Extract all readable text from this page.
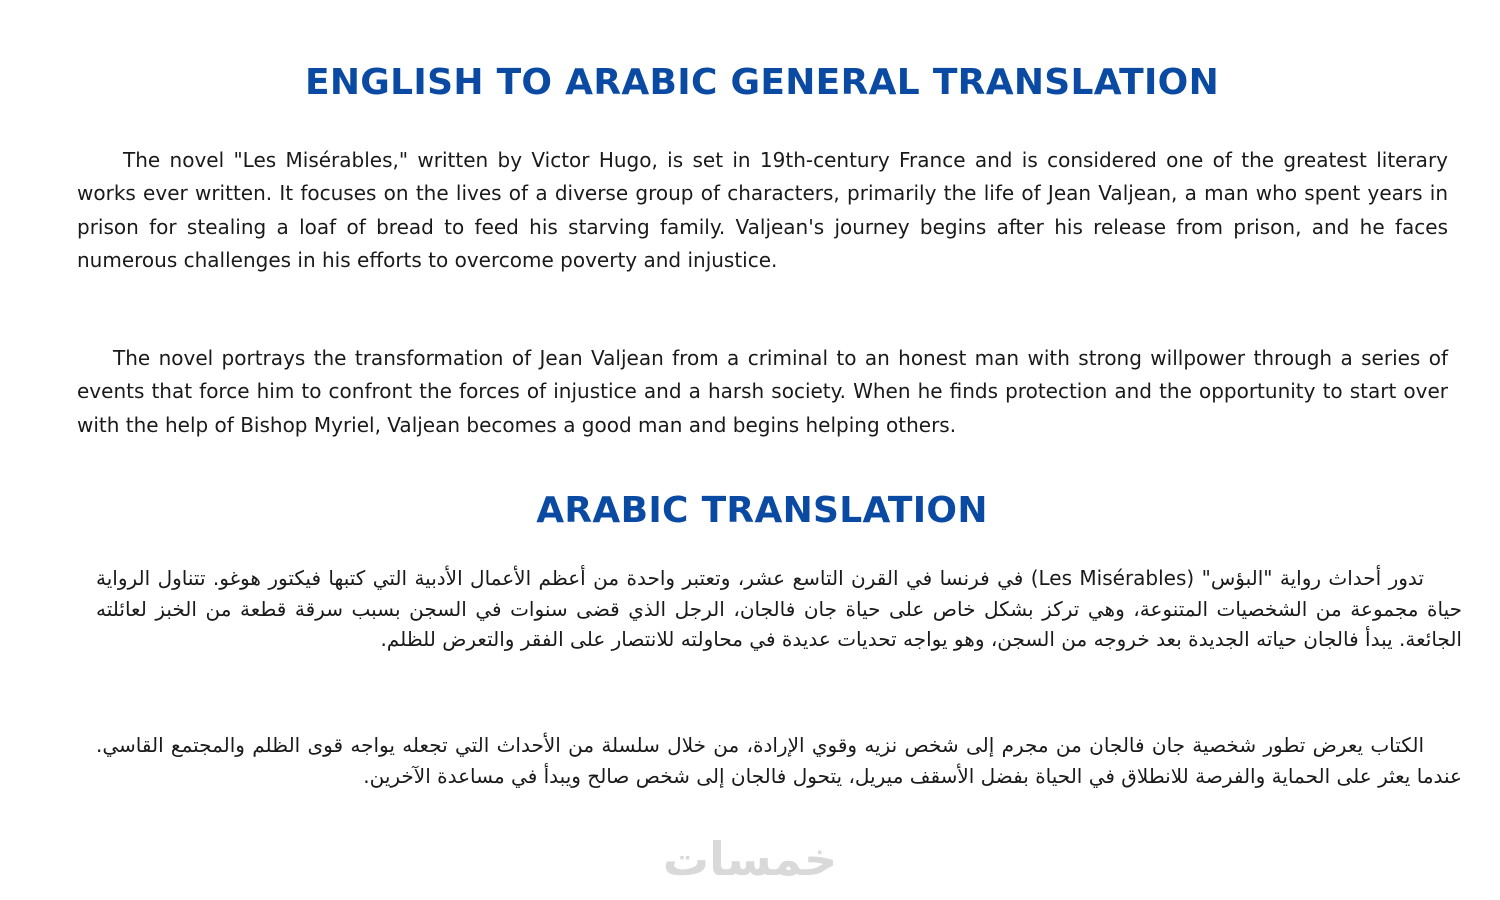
ENGLISH TO ARABIC GENERAL TRANSLATION

The novel "Les Misérables," written by Victor Hugo, is set in 19th-century France and is considered one of the greatest literary works ever written. It focuses on the lives of a diverse group of characters, primarily the life of Jean Valjean, a man who spent years in prison for stealing a loaf of bread to feed his starving family. Valjean's journey begins after his release from prison, and he faces numerous challenges in his efforts to overcome poverty and injustice.

The novel portrays the transformation of Jean Valjean from a criminal to an honest man with strong willpower through a series of events that force him to confront the forces of injustice and a harsh society. When he finds protection and the opportunity to start over with the help of Bishop Myriel, Valjean becomes a good man and begins helping others.

ARABIC TRANSLATION

تدور أحداث رواية "البؤس" (Les Misérables) في فرنسا في القرن التاسع عشر، وتعتبر واحدة من أعظم الأعمال الأدبية التي كتبها فيكتور هوغو. تتناول الرواية حياة مجموعة من الشخصيات المتنوعة، وهي تركز بشكل خاص على حياة جان فالجان، الرجل الذي قضى سنوات في السجن بسبب سرقة قطعة من الخبز لعائلته الجائعة. يبدأ فالجان حياته الجديدة بعد خروجه من السجن، وهو يواجه تحديات عديدة في محاولته للانتصار على الفقر والتعرض للظلم.

الكتاب يعرض تطور شخصية جان فالجان من مجرم إلى شخص نزيه وقوي الإرادة، من خلال سلسلة من الأحداث التي تجعله يواجه قوى الظلم والمجتمع القاسي. عندما يعثر على الحماية والفرصة للانطلاق في الحياة بفضل الأسقف ميريل، يتحول فالجان إلى شخص صالح ويبدأ في مساعدة الآخرين.

خمسات
